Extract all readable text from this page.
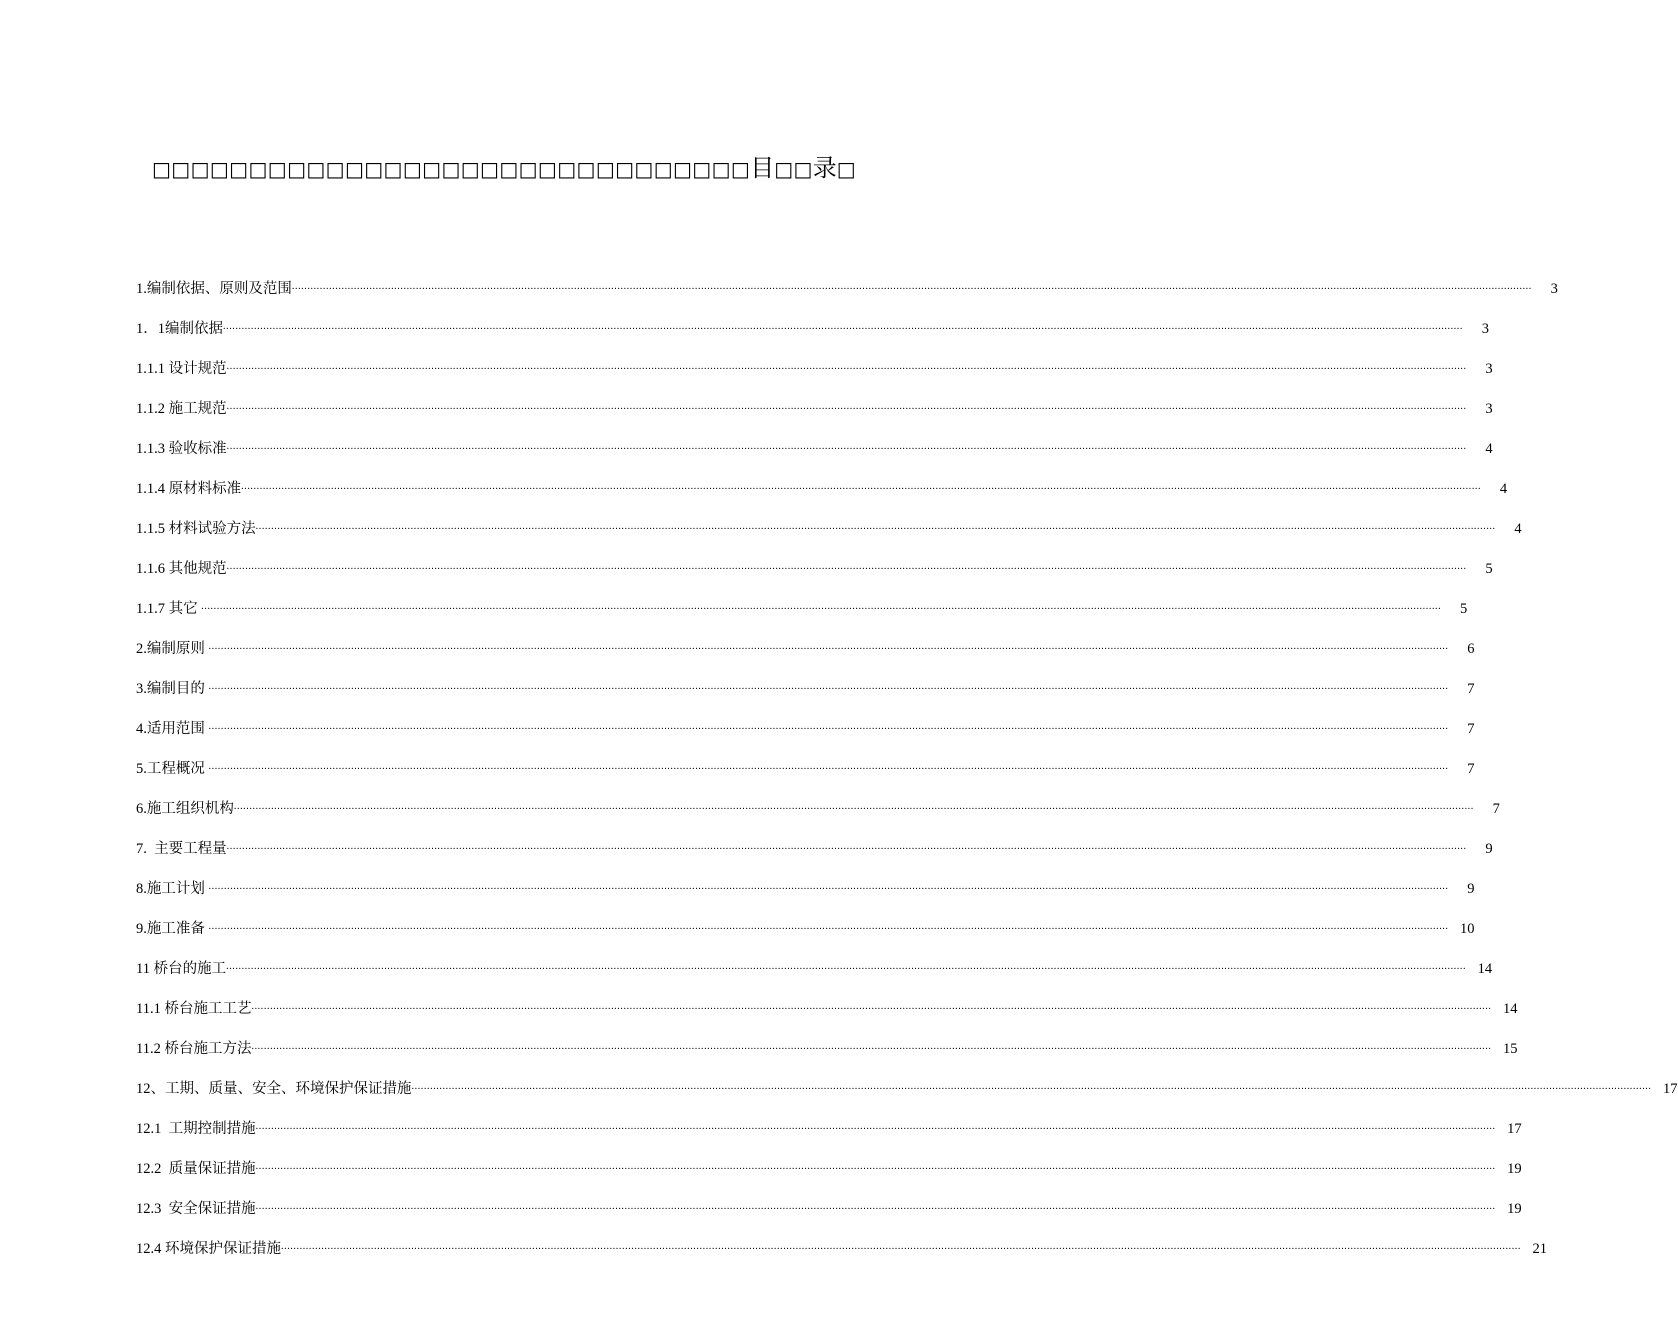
□□□□□□□□□□□□□□□□□□□□□□□□□□□□□□□目□□录□
1.编制依据、原则及范围 ................................................................................................................................................................................................................................................................................................................................................................................................................	3
1．1编制依据 ................................................................................................................................................................................................................................................................................................................................................................................................................	3
1.1.1 设计规范 ................................................................................................................................................................................................................................................................................................................................................................................................................	3
1.1.2 施工规范 ................................................................................................................................................................................................................................................................................................................................................................................................................	3
1.1.3 验收标准 ................................................................................................................................................................................................................................................................................................................................................................................................................	4
1.1.4 原材料标准 ................................................................................................................................................................................................................................................................................................................................................................................................................	4
1.1.5 材料试验方法 ................................................................................................................................................................................................................................................................................................................................................................................................................	4
1.1.6 其他规范 ................................................................................................................................................................................................................................................................................................................................................................................................................	5
1.1.7 其它 ................................................................................................................................................................................................................................................................................................................................................................................................................	5
2.编制原则 ................................................................................................................................................................................................................................................................................................................................................................................................................	6
3.编制目的 ................................................................................................................................................................................................................................................................................................................................................................................................................	7
4.适用范围 ................................................................................................................................................................................................................................................................................................................................................................................................................	7
5.工程概况 ................................................................................................................................................................................................................................................................................................................................................................................................................	7
6.施工组织机构 ................................................................................................................................................................................................................................................................................................................................................................................................................	7
7.  主要工程量 ................................................................................................................................................................................................................................................................................................................................................................................................................	9
8.施工计划 ................................................................................................................................................................................................................................................................................................................................................................................................................	9
9.施工准备 ................................................................................................................................................................................................................................................................................................................................................................................................................ 10
11 桥台的施工 ................................................................................................................................................................................................................................................................................................................................................................................................................ 14
11.1 桥台施工工艺 ................................................................................................................................................................................................................................................................................................................................................................................................................ 14
11.2 桥台施工方法 ................................................................................................................................................................................................................................................................................................................................................................................................................ 15
12、工期、质量、安全、环境保护保证措施 ................................................................................................................................................................................................................................................................................................................................................................................................................ 17
12.1  工期控制措施 ................................................................................................................................................................................................................................................................................................................................................................................................................ 17
12.2  质量保证措施 ................................................................................................................................................................................................................................................................................................................................................................................................................ 19
12.3  安全保证措施 ................................................................................................................................................................................................................................................................................................................................................................................................................ 19
12.4 环境保护保证措施 ................................................................................................................................................................................................................................................................................................................................................................................................................ 21
